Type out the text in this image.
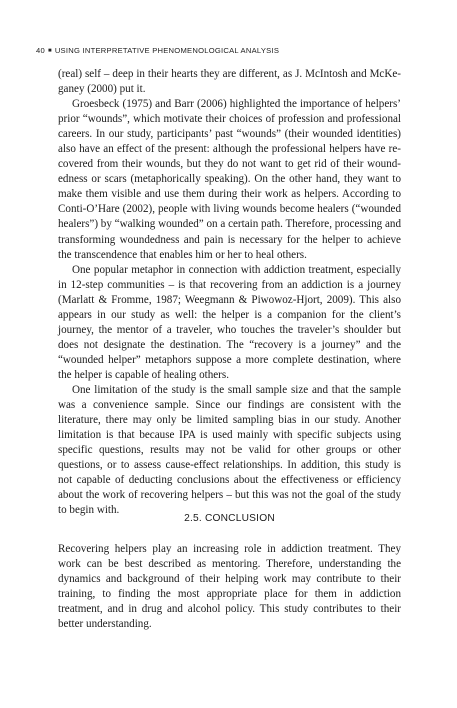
40 ■ USING INTERPRETATIVE PHENOMENOLOGICAL ANALYSIS

(real) self – deep in their hearts they are different, as J. McIntosh and McKeganey (2000) put it.

Groesbeck (1975) and Barr (2006) highlighted the importance of helpers’ prior “wounds”, which motivate their choices of profession and professional careers. In our study, participants’ past “wounds” (their wounded identities) also have an effect of the present: although the professional helpers have recovered from their wounds, but they do not want to get rid of their woundedness or scars (metaphorically speaking). On the other hand, they want to make them visible and use them during their work as helpers. According to Conti-O’Hare (2002), people with living wounds become healers (“wounded healers”) by “walking wounded” on a certain path. Therefore, processing and transforming woundedness and pain is necessary for the helper to achieve the transcendence that enables him or her to heal others.

One popular metaphor in connection with addiction treatment, especially in 12-step communities – is that recovering from an addiction is a journey (Marlatt & Fromme, 1987; Weegmann & Piwowoz-Hjort, 2009). This also appears in our study as well: the helper is a companion for the client’s journey, the mentor of a traveler, who touches the traveler’s shoulder but does not designate the destination. The “recovery is a journey” and the “wounded helper” metaphors suppose a more complete destination, where the helper is capable of healing others.

One limitation of the study is the small sample size and that the sample was a convenience sample. Since our findings are consistent with the literature, there may only be limited sampling bias in our study. Another limitation is that because IPA is used mainly with specific subjects using specific questions, results may not be valid for other groups or other questions, or to assess cause-effect relationships. In addition, this study is not capable of deducting conclusions about the effectiveness or efficiency about the work of recovering helpers – but this was not the goal of the study to begin with.

2.5. CONCLUSION

Recovering helpers play an increasing role in addiction treatment. They work can be best described as mentoring. Therefore, understanding the dynamics and background of their helping work may contribute to their training, to finding the most appropriate place for them in addiction treatment, and in drug and alcohol policy. This study contributes to their better understanding.
